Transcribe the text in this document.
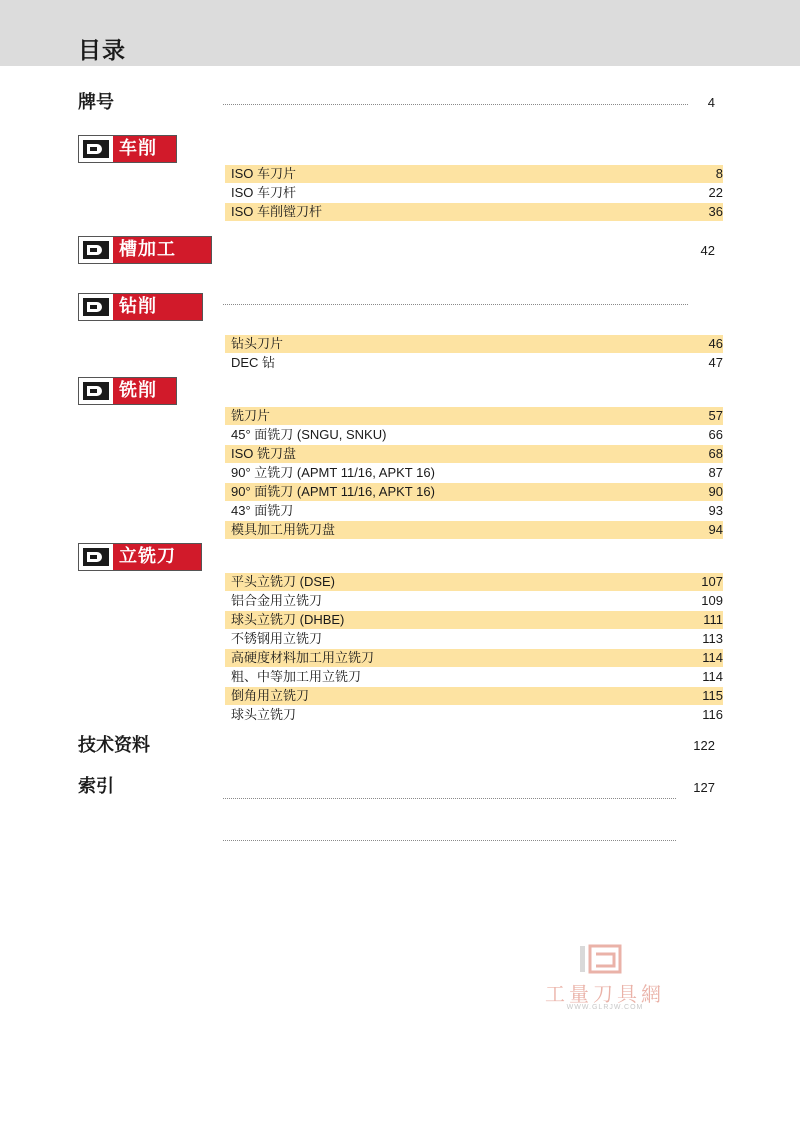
目录
牌号	4
车削
ISO 车刀片	8
ISO 车刀杆	22
ISO 车削镗刀杆	36
槽加工	42
钻削
钻头刀片	46
DEC 钻	47
铣削
铣刀片	57
45° 面铣刀 (SNGU, SNKU)	66
ISO 铣刀盘	68
90° 立铣刀 (APMT 11/16, APKT 16)	87
90° 面铣刀 (APMT 11/16, APKT 16)	90
43° 面铣刀	93
模具加工用铣刀盘	94
立铣刀
平头立铣刀 (DSE)	107
铝合金用立铣刀	109
球头立铣刀 (DHBE)	111
不锈钢用立铣刀	113
高硬度材料加工用立铣刀	114
粗、中等加工用立铣刀	114
倒角用立铣刀	115
球头立铣刀	116
技术资料	122
索引	127
工量刀具網
WWW.GLRJW.COM
